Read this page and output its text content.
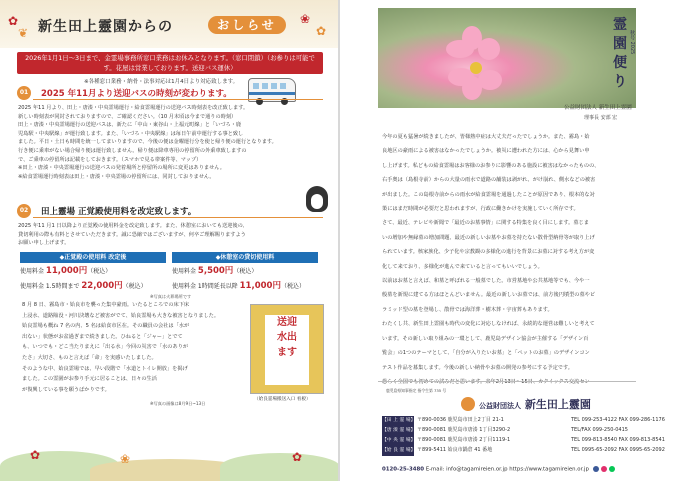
✿
❦ 新生田上靈園からの	おしらせ	❀
✿
2026年1月1日～3日まで、金霊場事務所窓口業務はお休みとなります。（窓口閉鎖）（お参りは可能です。花屋は営業しております。送迎バス運休）
※各種窓口業務・納骨・法事対応は1月4日より対応致します。
01	2025 年11月より送迎バスの時刻が変わります。
2025 年11 月より、田上・唐湊・中央霊場運行・給食霊場運行の送迎バス時刻表を改正致します。
新しい時刻表が同封されておりますので、ご確認ください。（10 月末頃は今まで通りの時刻）
田上・唐湊・中央霊場運行の送迎バスは、新たに「中山・東谷山・上福元町線」と「いづろ・鹿
児島駅・中央駅線」が運行致します。また、「いづろ・中央駅線」は毎日午前中運行する事と致し
ました。平日・土日も時間を統一してまいりますので、今後の便は金曜運行分を使と帰り便の運行となります。
行き便に乗車がない場合帰り便は運行致しません。帰り便は降車専用の停留所の外乗車致しますの
で、ご乗車の停留所は記載をしておきます。（スマホで見る帯案件等、マップ）
※田上・唐湊・中央霊場運行の送迎バスの発着場所と停留所の場所に変更はありません。
※給食霊場運行時刻表は田上・唐湊・中央霊場の停留所には、同封しておりません。
02	田上靈場 正覚殿使用料を改定致します。
2025 年11 月1 日以降より正覚殿の使用料金を改定致します。また、休憩室においても送迎後の、
貸切利用の際も有料とさせていただきます。誠に恐縮ではございますが、何卒ご理解賜りますよう
お願い申し上げます。
◆正覚殿の使用料 改定後
使用料金 11,000円（税込）
使用料金 1.5時間まで 22,000円（税込）
◆休憩室の貸切使用料
使用料金 5,500円（税込）
使用料金 1時間延長以降 11,000円（税込）
※写真は火葬場所です
8 月 8 日、霧島市・姶良市を襲った集中豪雨。いたるところでの床下床
上浸水、道路陥没・河川決壊など被害がでて、姶良霊場も大きな被害となりました。
姶良霊場も概ね 7 名の内、5 名は給食市区在。その職員の会社は「水が
出ない」状態がお盆過ぎまで続きました。ひねると「ジャー」とでて
も、いつでも・どこ当たりまえに「出る水」今回の災害で「水のありが
たさ」大切さ、ものと言えば「命」を実感いたしました。
そのような中、姶良霊場では、早い段階で「水道とトイレ開放」を掲げ
ました。この霊園がお参り手元に居ることは、日々の生活
が復興している事を願うばかりです。
送迎
水出
ます
（姶良霊場搬送入口 看板）
※写真の画像は8月9日~13日
✿	❀	✿
霊
園
便
り
秋号 2025
公益財団法人 新生田上霊園
理事長 安部 宏
今年の夏も猛暑が続きましたが、皆様熱中症は大丈夫だったでしょうか。また、霧島・姶
良地区の豪雨による被害はなかったでしょうか。被災に遭われた方には、心から見舞い申
し上げます。私どもの給食霊場はお客様のお参りに影響のある施設に被害はなかったものの、
右手奥は（島根寺前）からの大量の雨水で道路の舗装は剥がれ、がけ崩れ、側水などの被害
が出ました。この島根寺前からの雨水が給食霊場を通過したことが原因であり、根本的な対
策にはまだ時間が必要だと思われますが、行政に働きかけを実施していく所存です。
さて、最近、テレビや新聞で「最近のお墓事情」に関する特集を良く目にします。墓じま
いの増加や無縁墓の増加問題、最近の新しいお墓やお墓を持たない散骨型納骨等が取り上げ
られています。核家族化、少子化や宗教観の多様化の進行を背景にお墓に対する考え方が変
化して来ており、多様化が進んで来ていると言ってもいいでしょう。
以前はお墓と言えば、和墓と呼ばれる一般墓でした。市営墓地や公共墓地等でも、今や一
般墓を新規に建てる方はほとんどいません。最近の新しいお墓では、前方後円墳型の墓やピ
ラミッド型の墓を登場し、散骨では海洋葬・樹木葬・宇宙葬もあります。
わたくし共、新生田上霊園も時代の変化に対応しなければ、永続的な運営は難しいと考えて
います。その新しい取り組みの一環として、鹿児島デザイン協会が主催する「デザイン百
覧会」の1つのテーマとして、「自分が入りたいお墓」と「ペットのお墓」のデザインコン
テスト作品を募集します。今後の新しい納骨やお墓の開発の参考にする予定です。
鹿児島県知事指定 指令生第 735 号
公益財団法人 新生田上靈園
【田 上 霊 場】 〒890-0036 鹿児島市田上2丁目 21-1	TEL 099-253-4122 FAX 099-286-1176
【唐 湊 霊 場】 〒890-0081 鹿児島市唐湊 1丁目3290-2	TEL/FAX 099-250-0415
【中 央 霊 場】 〒890-0081 鹿児島市唐湊 2丁目1119-1	TEL 099-813-8540 FAX 099-813-8541
【姶 良 霊 場】 〒899-5411 姶良市鍋倉 41 番地	TEL 0995-65-2092 FAX 0995-65-2092
0120-25-3480 E-mail: info@tagamireien.or.jp https://www.tagamireien.or.jp
